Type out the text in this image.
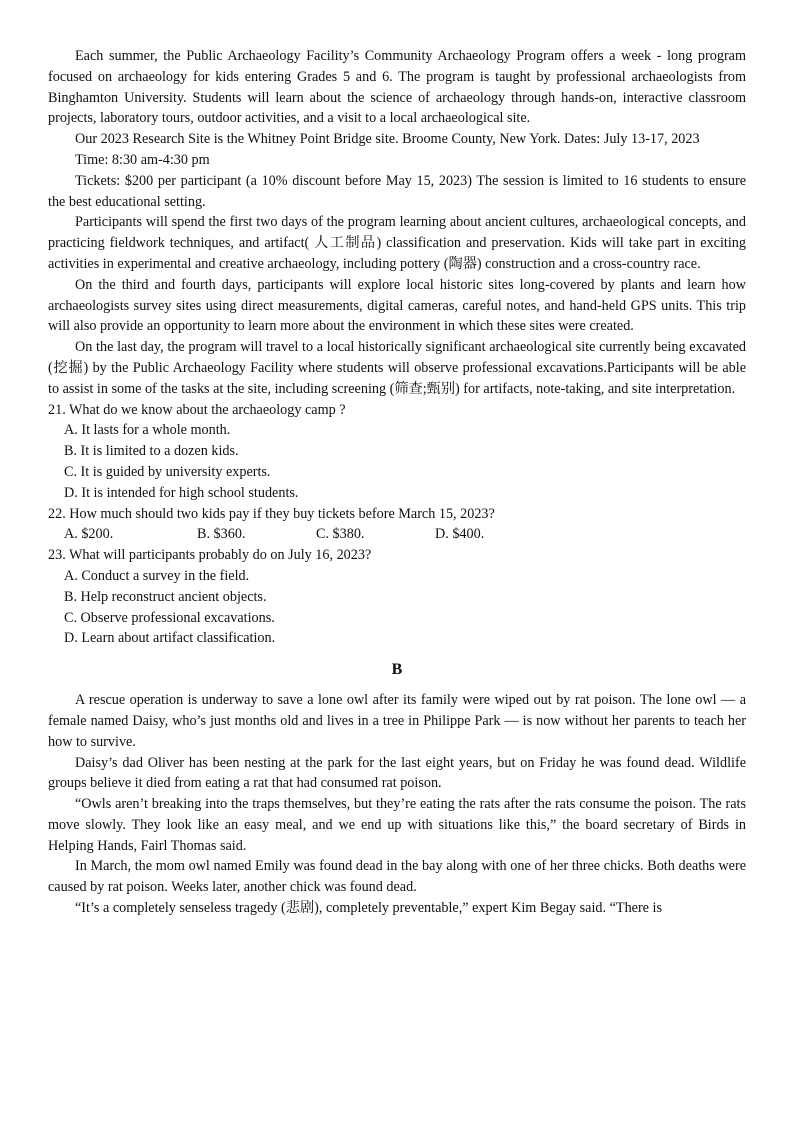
Each summer, the Public Archaeology Facility’s Community Archaeology Program offers a week - long program focused on archaeology for kids entering Grades 5 and 6. The program is taught by professional archaeologists from Binghamton University. Students will learn about the science of archaeology through hands-on, interactive classroom projects, laboratory tours, outdoor activities, and a visit to a local archaeological site.

Our 2023 Research Site is the Whitney Point Bridge site. Broome County, New York. Dates: July 13-17, 2023

Time: 8:30 am-4:30 pm

Tickets: $200 per participant (a 10% discount before May 15, 2023) The session is limited to 16 students to ensure the best educational setting.

Participants will spend the first two days of the program learning about ancient cultures, archaeological concepts, and practicing fieldwork techniques, and artifact( 人工制品) classification and preservation. Kids will take part in exciting activities in experimental and creative archaeology, including pottery (陶器) construction and a cross-country race.

On the third and fourth days, participants will explore local historic sites long-covered by plants and learn how archaeologists survey sites using direct measurements, digital cameras, careful notes, and hand-held GPS units. This trip will also provide an opportunity to learn more about the environment in which these sites were created.

On the last day, the program will travel to a local historically significant archaeological site currently being excavated (挖掘) by the Public Archaeology Facility where students will observe professional excavations.Participants will be able to assist in some of the tasks at the site, including screening (筛查;甄别) for artifacts, note-taking, and site interpretation.

21. What do we know about the archaeology camp ?
A. It lasts for a whole month.
B. It is limited to a dozen kids.
C. It is guided by university experts.
D. It is intended for high school students.
22. How much should two kids pay if they buy tickets before March 15, 2023?
A. $200.	B. $360.	C. $380.	D. $400.
23. What will participants probably do on July 16, 2023?
A. Conduct a survey in the field.
B. Help reconstruct ancient objects.
C. Observe professional excavations.
D. Learn about artifact classification.
B

A rescue operation is underway to save a lone owl after its family were wiped out by rat poison. The lone owl — a female named Daisy, who’s just months old and lives in a tree in Philippe Park — is now without her parents to teach her how to survive.

Daisy’s dad Oliver has been nesting at the park for the last eight years, but on Friday he was found dead. Wildlife groups believe it died from eating a rat that had consumed rat poison.

“Owls aren’t breaking into the traps themselves, but they’re eating the rats after the rats consume the poison. The rats move slowly. They look like an easy meal, and we end up with situations like this,” the board secretary of Birds in Helping Hands, Fairl Thomas said.

In March, the mom owl named Emily was found dead in the bay along with one of her three chicks. Both deaths were caused by rat poison. Weeks later, another chick was found dead.

“It’s a completely senseless tragedy (悲剧), completely preventable,” expert Kim Begay said. “There is
